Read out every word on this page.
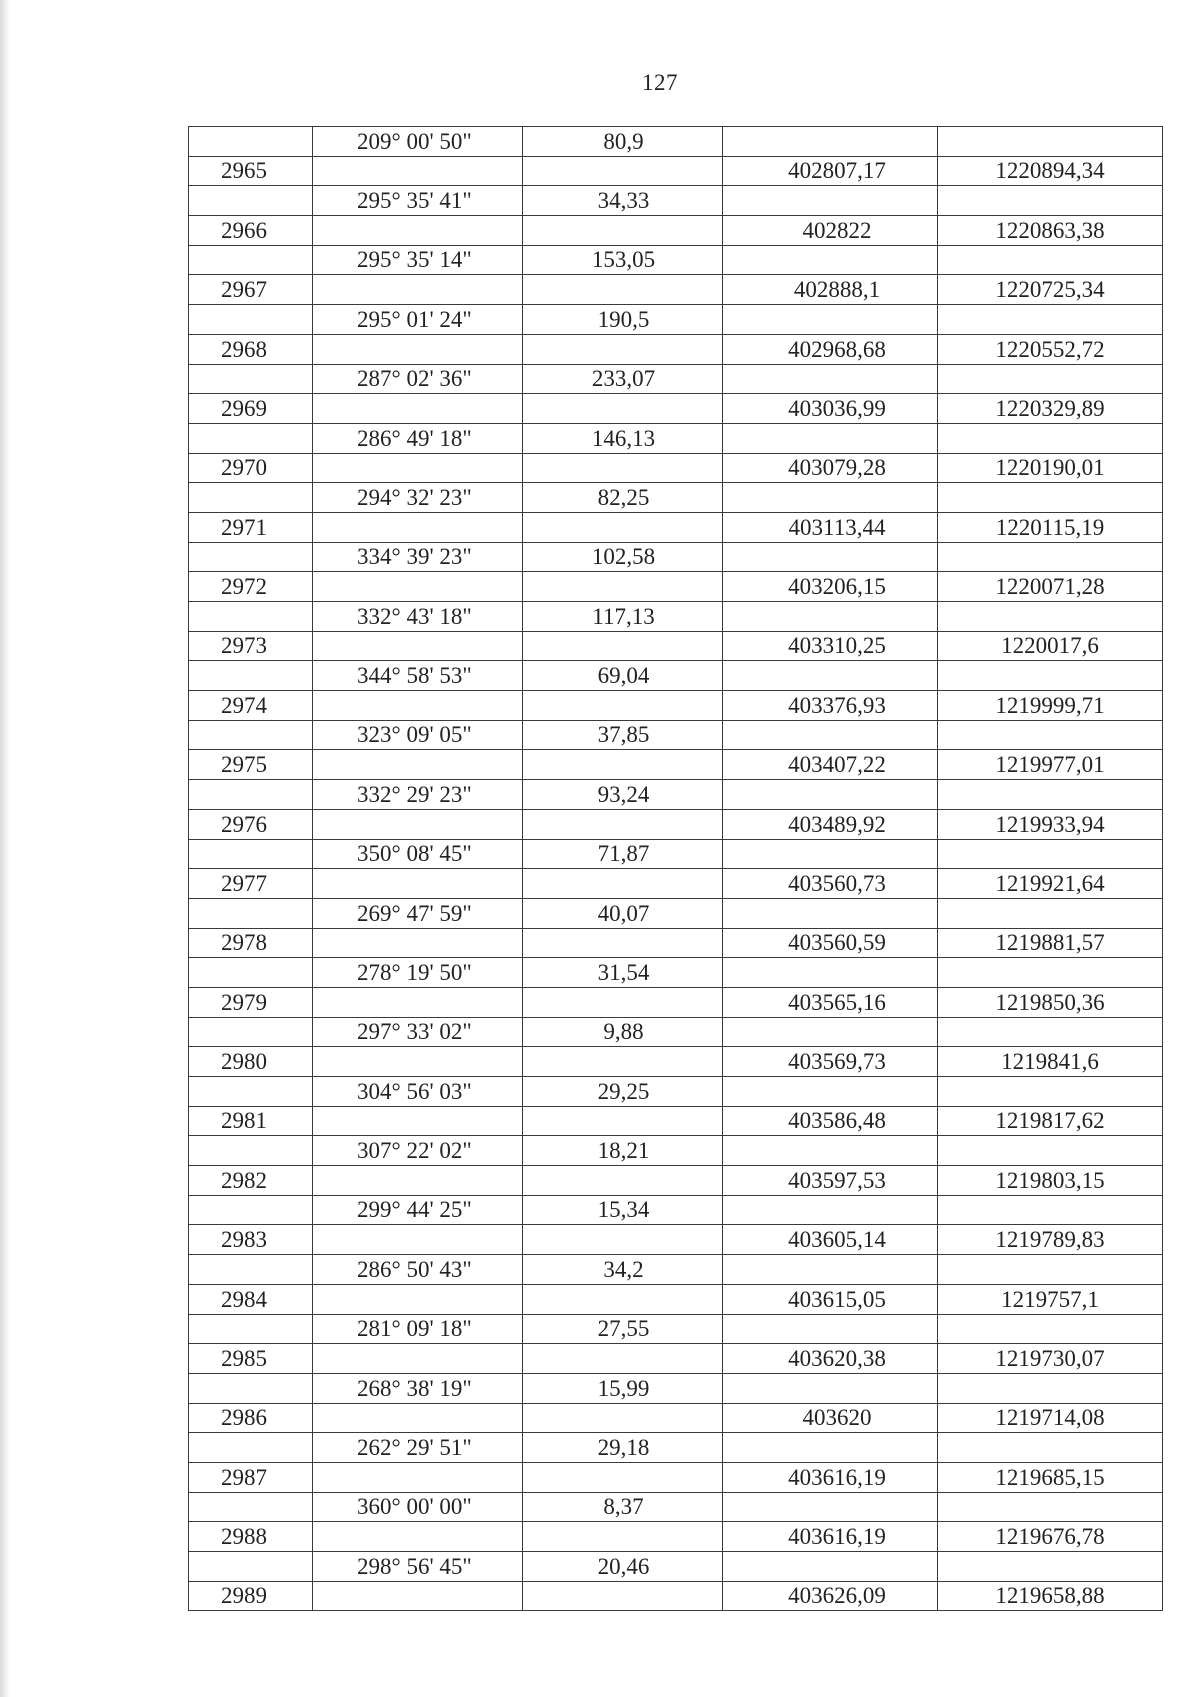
127
	209° 00' 50"	80,9		
2965			402807,17	1220894,34
	295° 35' 41"	34,33		
2966			402822	1220863,38
	295° 35' 14"	153,05		
2967			402888,1	1220725,34
	295° 01' 24"	190,5		
2968			402968,68	1220552,72
	287° 02' 36"	233,07		
2969			403036,99	1220329,89
	286° 49' 18"	146,13		
2970			403079,28	1220190,01
	294° 32' 23"	82,25		
2971			403113,44	1220115,19
	334° 39' 23"	102,58		
2972			403206,15	1220071,28
	332° 43' 18"	117,13		
2973			403310,25	1220017,6
	344° 58' 53"	69,04		
2974			403376,93	1219999,71
	323° 09' 05"	37,85		
2975			403407,22	1219977,01
	332° 29' 23"	93,24		
2976			403489,92	1219933,94
	350° 08' 45"	71,87		
2977			403560,73	1219921,64
	269° 47' 59"	40,07		
2978			403560,59	1219881,57
	278° 19' 50"	31,54		
2979			403565,16	1219850,36
	297° 33' 02"	9,88		
2980			403569,73	1219841,6
	304° 56' 03"	29,25		
2981			403586,48	1219817,62
	307° 22' 02"	18,21		
2982			403597,53	1219803,15
	299° 44' 25"	15,34		
2983			403605,14	1219789,83
	286° 50' 43"	34,2		
2984			403615,05	1219757,1
	281° 09' 18"	27,55		
2985			403620,38	1219730,07
	268° 38' 19"	15,99		
2986			403620	1219714,08
	262° 29' 51"	29,18		
2987			403616,19	1219685,15
	360° 00' 00"	8,37		
2988			403616,19	1219676,78
	298° 56' 45"	20,46		
2989			403626,09	1219658,88
